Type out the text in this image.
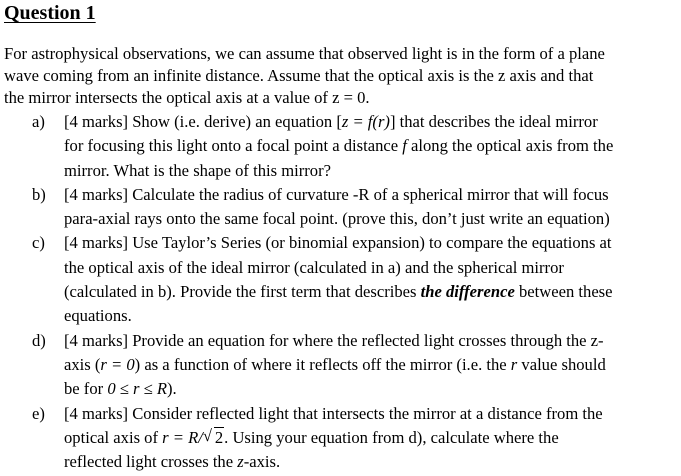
Question 1

For astrophysical observations, we can assume that observed light is in the form of a plane
wave coming from an infinite distance. Assume that the optical axis is the z axis and that
the mirror intersects the optical axis at a value of z = 0.

a) [4 marks] Show (i.e. derive) an equation [z = f(r)] that describes the ideal mirror
for focusing this light onto a focal point a distance f along the optical axis from the
mirror. What is the shape of this mirror?
b) [4 marks] Calculate the radius of curvature -R of a spherical mirror that will focus
para-axial rays onto the same focal point. (prove this, don’t just write an equation)
c) [4 marks] Use Taylor’s Series (or binomial expansion) to compare the equations at
the optical axis of the ideal mirror (calculated in a) and the spherical mirror
(calculated in b). Provide the first term that describes the difference between these
equations.
d) [4 marks] Provide an equation for where the reflected light crosses through the z-
axis (r = 0) as a function of where it reflects off the mirror (i.e. the r value should
be for 0 ≤ r ≤ R).
e) [4 marks] Consider reflected light that intersects the mirror at a distance from the
optical axis of r = R/ √ 2. Using your equation from d), calculate where the
reflected light crosses the z-axis.
